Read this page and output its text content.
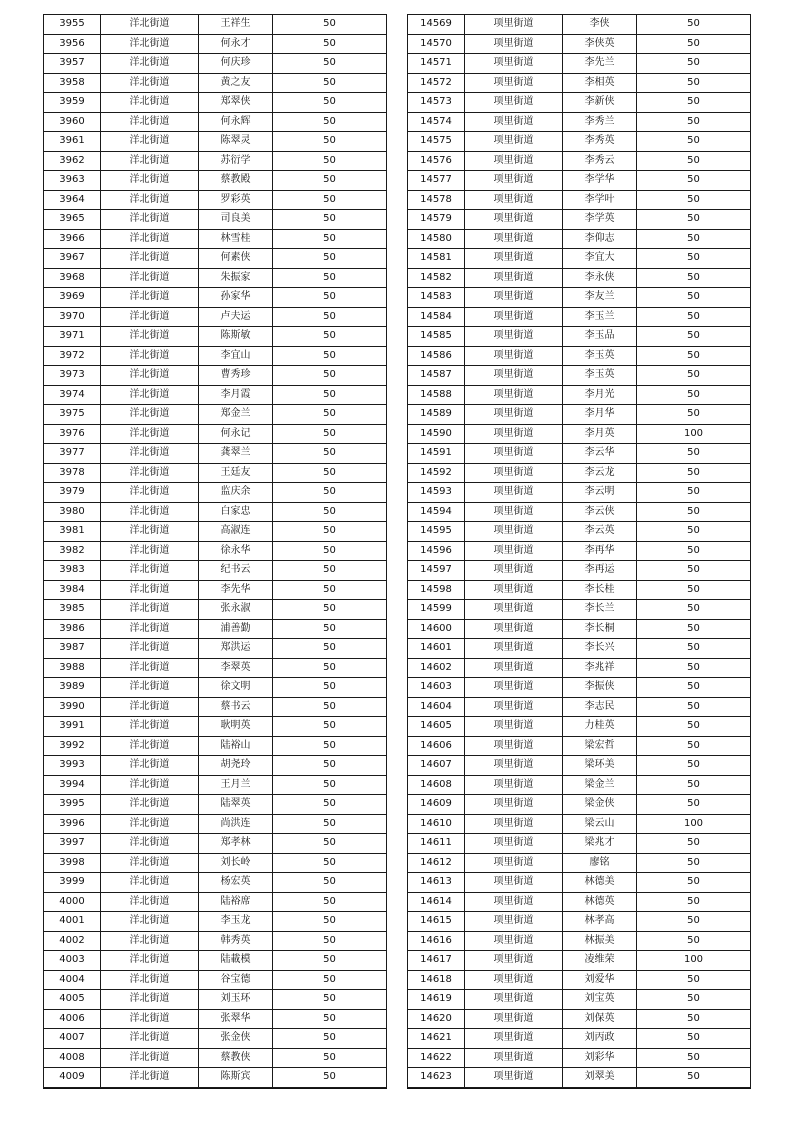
3955	洋北街道	王祥生	50
3956	洋北街道	何永才	50
3957	洋北街道	何庆珍	50
3958	洋北街道	黄之友	50
3959	洋北街道	郑翠侠	50
3960	洋北街道	何永辉	50
3961	洋北街道	陈翠灵	50
3962	洋北街道	苏衍学	50
3963	洋北街道	蔡教殿	50
3964	洋北街道	罗彩英	50
3965	洋北街道	司良美	50
3966	洋北街道	林雪桂	50
3967	洋北街道	何素侠	50
3968	洋北街道	朱振家	50
3969	洋北街道	孙家华	50
3970	洋北街道	卢夫运	50
3971	洋北街道	陈斯敏	50
3972	洋北街道	李宜山	50
3973	洋北街道	曹秀珍	50
3974	洋北街道	李月霞	50
3975	洋北街道	郑金兰	50
3976	洋北街道	何永记	50
3977	洋北街道	龚翠兰	50
3978	洋北街道	王廷友	50
3979	洋北街道	监庆余	50
3980	洋北街道	白家忠	50
3981	洋北街道	高淑连	50
3982	洋北街道	徐永华	50
3983	洋北街道	纪书云	50
3984	洋北街道	李先华	50
3985	洋北街道	张永淑	50
3986	洋北街道	浦善勤	50
3987	洋北街道	郑洪运	50
3988	洋北街道	李翠英	50
3989	洋北街道	徐文明	50
3990	洋北街道	蔡书云	50
3991	洋北街道	耿明英	50
3992	洋北街道	陆裕山	50
3993	洋北街道	胡尧玲	50
3994	洋北街道	王月兰	50
3995	洋北街道	陆翠英	50
3996	洋北街道	尚洪连	50
3997	洋北街道	郑孝林	50
3998	洋北街道	刘长岭	50
3999	洋北街道	杨宏英	50
4000	洋北街道	陆裕席	50
4001	洋北街道	李玉龙	50
4002	洋北街道	韩秀英	50
4003	洋北街道	陆載模	50
4004	洋北街道	谷宝德	50
4005	洋北街道	刘玉环	50
4006	洋北街道	张翠华	50
4007	洋北街道	张金侠	50
4008	洋北街道	蔡教侠	50
4009	洋北街道	陈斯宾	50
14569	项里街道	李侠	50
14570	项里街道	李侠英	50
14571	项里街道	李先兰	50
14572	项里街道	李相英	50
14573	项里街道	李新侠	50
14574	项里街道	李秀兰	50
14575	项里街道	李秀英	50
14576	项里街道	李秀云	50
14577	项里街道	李学华	50
14578	项里街道	李学叶	50
14579	项里街道	李学英	50
14580	项里街道	李仰志	50
14581	项里街道	李宜大	50
14582	项里街道	李永侠	50
14583	项里街道	李友兰	50
14584	项里街道	李玉兰	50
14585	项里街道	李玉品	50
14586	项里街道	李玉英	50
14587	项里街道	李玉英	50
14588	项里街道	李月光	50
14589	项里街道	李月华	50
14590	项里街道	李月英	100
14591	项里街道	李云华	50
14592	项里街道	李云龙	50
14593	项里街道	李云明	50
14594	项里街道	李云侠	50
14595	项里街道	李云英	50
14596	项里街道	李再华	50
14597	项里街道	李再运	50
14598	项里街道	李长桂	50
14599	项里街道	李长兰	50
14600	项里街道	李长桐	50
14601	项里街道	李长兴	50
14602	项里街道	李兆祥	50
14603	项里街道	李振侠	50
14604	项里街道	李志民	50
14605	项里街道	力桂英	50
14606	项里街道	梁宏哲	50
14607	项里街道	梁环美	50
14608	项里街道	梁金兰	50
14609	项里街道	梁金侠	50
14610	项里街道	梁云山	100
14611	项里街道	梁兆才	50
14612	项里街道	廖铭	50
14613	项里街道	林德美	50
14614	项里街道	林德英	50
14615	项里街道	林孝高	50
14616	项里街道	林振美	50
14617	项里街道	凌维荣	100
14618	项里街道	刘爱华	50
14619	项里街道	刘宝英	50
14620	项里街道	刘保英	50
14621	项里街道	刘丙政	50
14622	项里街道	刘彩华	50
14623	项里街道	刘翠美	50
